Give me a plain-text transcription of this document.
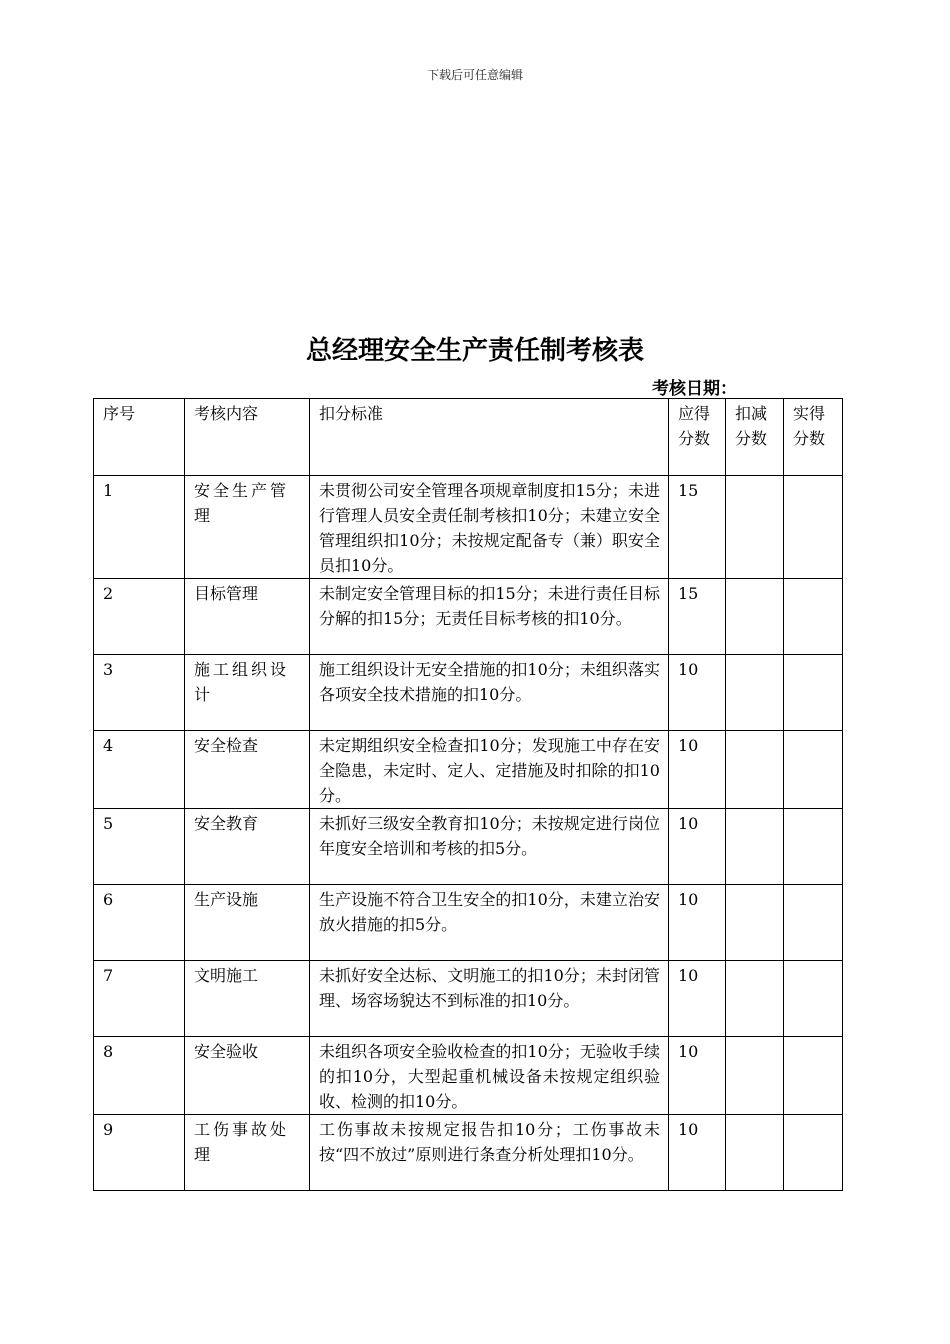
下载后可任意编辑
总经理安全生产责任制考核表
考核日期：
序号	考核内容	扣分标准	应得分数	扣减分数	实得分数
1	安全生产管理	未贯彻公司安全管理各项规章制度扣15分；未进行管理人员安全责任制考核扣10分；未建立安全管理组织扣10分；未按规定配备专（兼）职安全员扣10分。	15		
2	目标管理	未制定安全管理目标的扣15分；未进行责任目标分解的扣15分；无责任目标考核的扣10分。	15		
3	施工组织设计	施工组织设计无安全措施的扣10分；未组织落实各项安全技术措施的扣10分。	10		
4	安全检查	未定期组织安全检查扣10分；发现施工中存在安全隐患，未定时、定人、定措施及时扣除的扣10分。	10		
5	安全教育	未抓好三级安全教育扣10分；未按规定进行岗位年度安全培训和考核的扣5分。	10		
6	生产设施	生产设施不符合卫生安全的扣10分，未建立治安放火措施的扣5分。	10		
7	文明施工	未抓好安全达标、文明施工的扣10分；未封闭管理、场容场貌达不到标准的扣10分。	10		
8	安全验收	未组织各项安全验收检查的扣10分；无验收手续的扣10分，大型起重机械设备未按规定组织验收、检测的扣10分。	10		
9	工伤事故处理	工伤事故未按规定报告扣10分；工伤事故未按“四不放过”原则进行条查分析处理扣10分。	10		
